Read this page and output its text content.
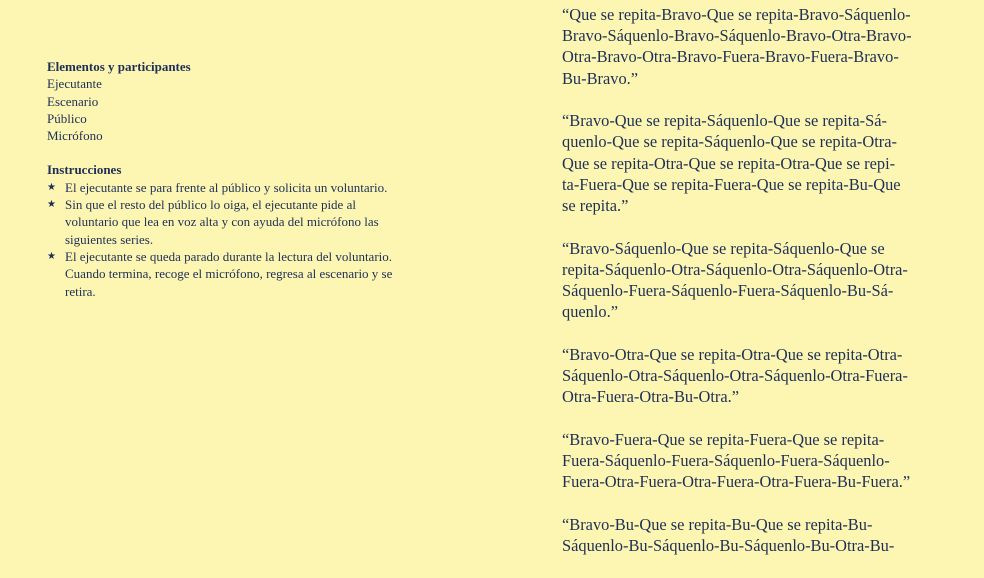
Elementos y participantes

Ejecutante
Escenario
Público
Micrófono

Instrucciones

★ El ejecutante se para frente al público y solicita un voluntario.
★ Sin que el resto del público lo oiga, el ejecutante pide al
voluntario que lea en voz alta y con ayuda del micrófono las
siguientes series.
★ El ejecutante se queda parado durante la lectura del voluntario.
Cuando termina, recoge el micrófono, regresa al escenario y se
retira.

“Que se repita-Bravo-Que se repita-Bravo-Sáquenlo-
Bravo-Sáquenlo-Bravo-Sáquenlo-Bravo-Otra-Bravo-
Otra-Bravo-Otra-Bravo-Fuera-Bravo-Fuera-Bravo-
Bu-Bravo.”

“Bravo-Que se repita-Sáquenlo-Que se repita-Sá-
quenlo-Que se repita-Sáquenlo-Que se repita-Otra-
Que se repita-Otra-Que se repita-Otra-Que se repi-
ta-Fuera-Que se repita-Fuera-Que se repita-Bu-Que
se repita.”

“Bravo-Sáquenlo-Que se repita-Sáquenlo-Que se
repita-Sáquenlo-Otra-Sáquenlo-Otra-Sáquenlo-Otra-
Sáquenlo-Fuera-Sáquenlo-Fuera-Sáquenlo-Bu-Sá-
quenlo.”

“Bravo-Otra-Que se repita-Otra-Que se repita-Otra-
Sáquenlo-Otra-Sáquenlo-Otra-Sáquenlo-Otra-Fuera-
Otra-Fuera-Otra-Bu-Otra.”

“Bravo-Fuera-Que se repita-Fuera-Que se repita-
Fuera-Sáquenlo-Fuera-Sáquenlo-Fuera-Sáquenlo-
Fuera-Otra-Fuera-Otra-Fuera-Otra-Fuera-Bu-Fuera.”

“Bravo-Bu-Que se repita-Bu-Que se repita-Bu-
Sáquenlo-Bu-Sáquenlo-Bu-Sáquenlo-Bu-Otra-Bu-
